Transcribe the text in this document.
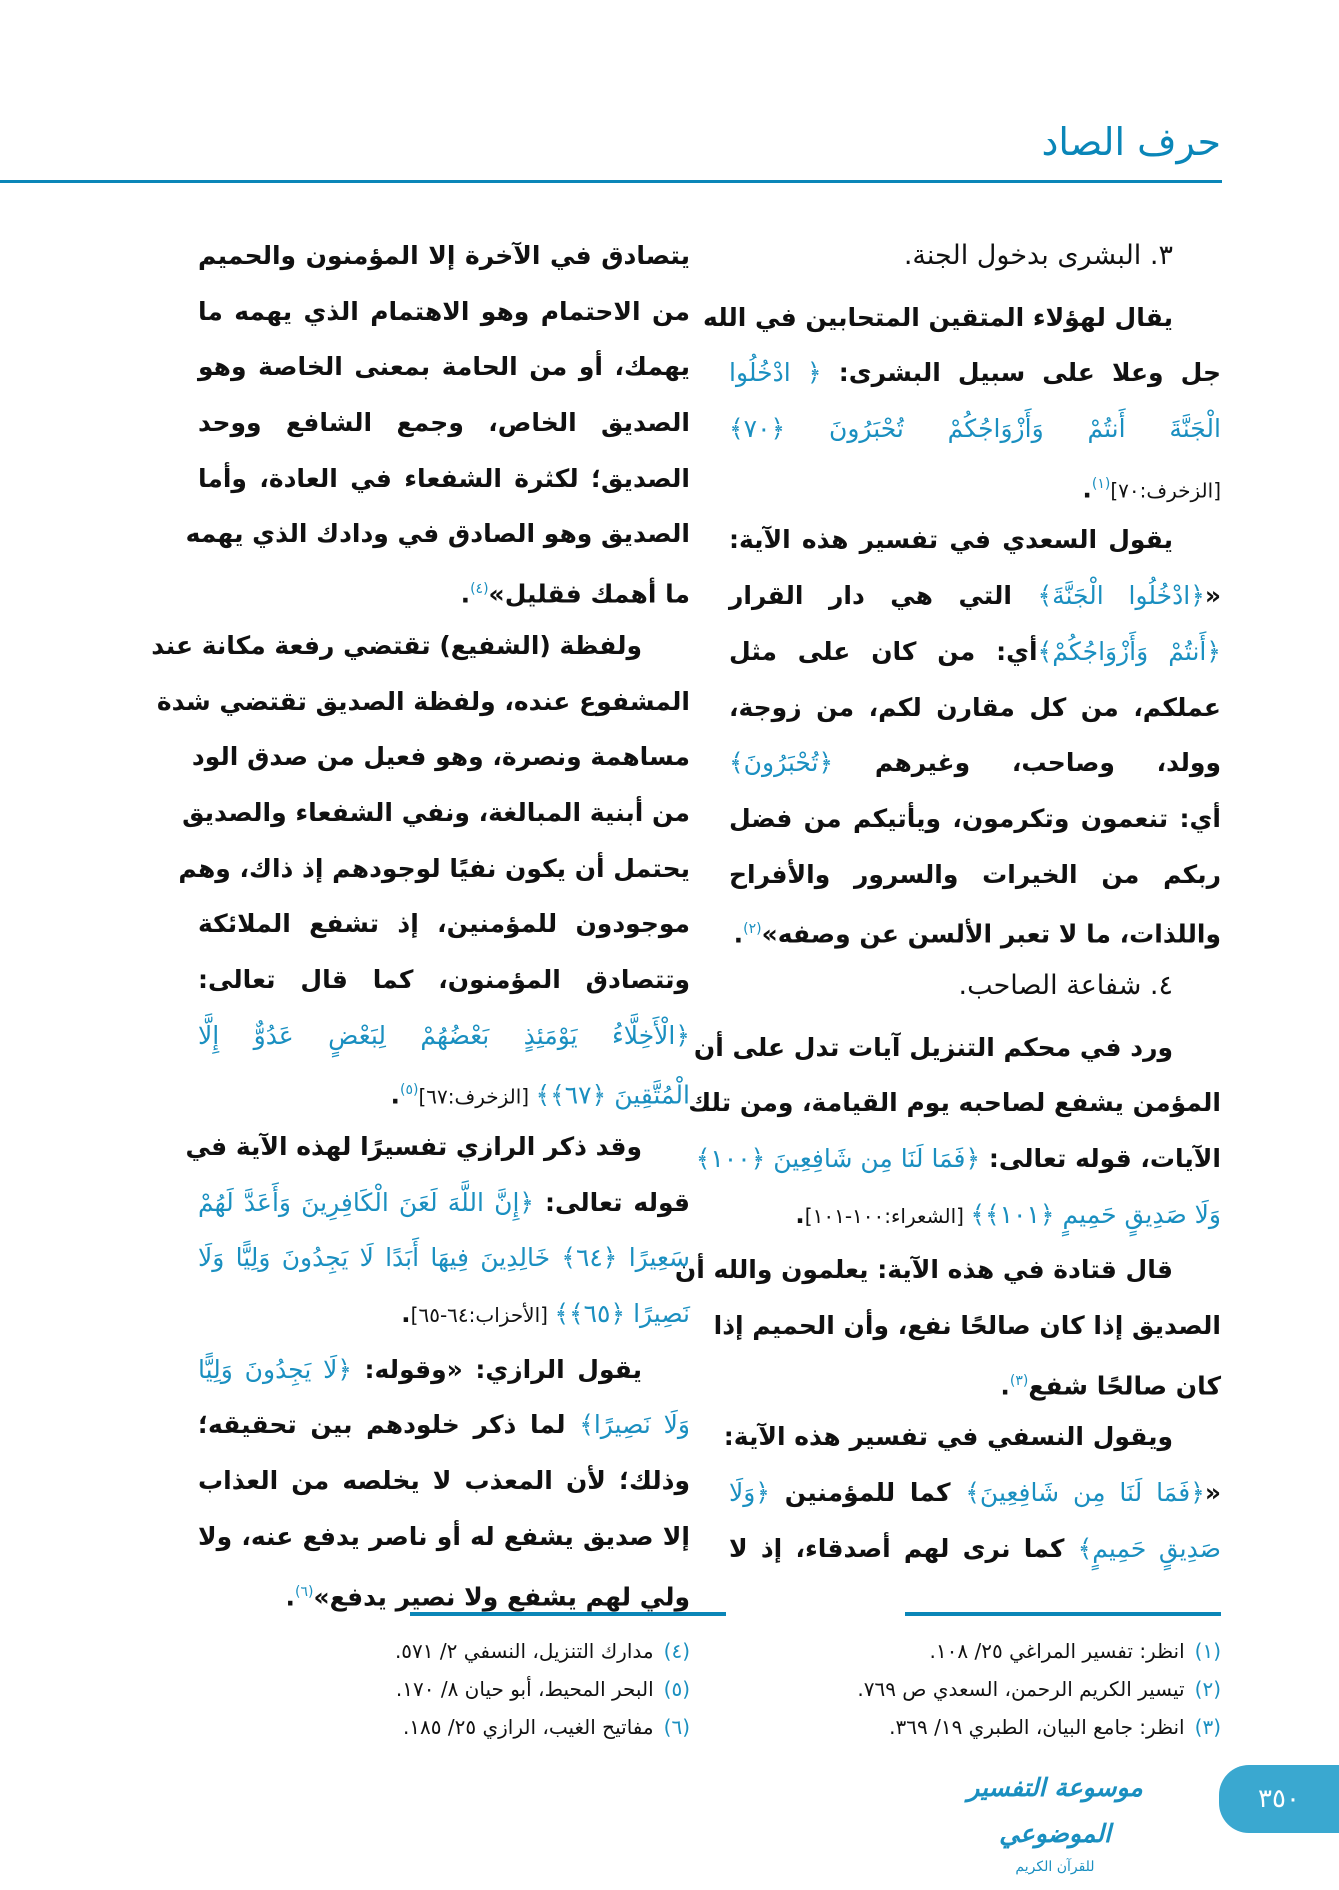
حرف الصاد
٣. البشرى بدخول الجنة.
يقال لهؤلاء المتقين المتحابين في الله
جل وعلا على سبيل البشرى: ﴿ ادْخُلُوا
الْجَنَّةَ أَنتُمْ وَأَزْوَاجُكُمْ تُحْبَرُونَ ﴿٧٠﴾
[الزخرف:٧٠]$^{(١)}$.
يقول السعدي في تفسير هذه الآية:
«﴿ادْخُلُوا الْجَنَّةَ﴾ التي هي دار القرار
﴿أَنتُمْ وَأَزْوَاجُكُمْ﴾أي: من كان على مثل
عملكم، من كل مقارن لكم، من زوجة،
وولد، وصاحب، وغيرهم ﴿تُحْبَرُونَ﴾
أي: تنعمون وتكرمون، ويأتيكم من فضل
ربكم من الخيرات والسرور والأفراح
واللذات، ما لا تعبر الألسن عن وصفه»$^{(٢)}$.
٤. شفاعة الصاحب.
ورد في محكم التنزيل آيات تدل على أن
المؤمن يشفع لصاحبه يوم القيامة، ومن تلك
الآيات، قوله تعالى: ﴿فَمَا لَنَا مِن شَافِعِينَ ﴿١٠٠﴾
وَلَا صَدِيقٍ حَمِيمٍ ﴿١٠١﴾﴾ [الشعراء:١٠٠-١٠١].
قال قتادة في هذه الآية: يعلمون والله أن
الصديق إذا كان صالحًا نفع، وأن الحميم إذا
كان صالحًا شفع$^{(٣)}$.
ويقول النسفي في تفسير هذه الآية:
«﴿فَمَا لَنَا مِن شَافِعِينَ﴾ كما للمؤمنين ﴿وَلَا
صَدِيقٍ حَمِيمٍ﴾ كما نرى لهم أصدقاء، إذ لا
يتصادق في الآخرة إلا المؤمنون والحميم
من الاحتمام وهو الاهتمام الذي يهمه ما
يهمك، أو من الحامة بمعنى الخاصة وهو
الصديق الخاص، وجمع الشافع ووحد
الصديق؛ لكثرة الشفعاء في العادة، وأما
الصديق وهو الصادق في ودادك الذي يهمه
ما أهمك فقليل»$^{(٤)}$.
ولفظة (الشفيع) تقتضي رفعة مكانة عند
المشفوع عنده، ولفظة الصديق تقتضي شدة
مساهمة ونصرة، وهو فعيل من صدق الود
من أبنية المبالغة، ونفي الشفعاء والصديق
يحتمل أن يكون نفيًا لوجودهم إذ ذاك، وهم
موجودون للمؤمنين، إذ تشفع الملائكة
وتتصادق المؤمنون، كما قال تعالى:
﴿الْأَخِلَّاءُ يَوْمَئِذٍ بَعْضُهُمْ لِبَعْضٍ عَدُوٌّ إِلَّا
الْمُتَّقِينَ ﴿٦٧﴾﴾ [الزخرف:٦٧]$^{(٥)}$.
وقد ذكر الرازي تفسيرًا لهذه الآية في
قوله تعالى: ﴿إِنَّ اللَّهَ لَعَنَ الْكَافِرِينَ وَأَعَدَّ لَهُمْ
سَعِيرًا ﴿٦٤﴾ خَالِدِينَ فِيهَا أَبَدًا لَا يَجِدُونَ وَلِيًّا وَلَا
نَصِيرًا ﴿٦٥﴾﴾ [الأحزاب:٦٤-٦٥].
يقول الرازي: «وقوله: ﴿لَا يَجِدُونَ وَلِيًّا
وَلَا نَصِيرًا﴾ لما ذكر خلودهم بين تحقيقه؛
وذلك؛ لأن المعذب لا يخلصه من العذاب
إلا صديق يشفع له أو ناصر يدفع عنه، ولا
ولي لهم يشفع ولا نصير يدفع»$^{(٦)}$.
(١)انظر: تفسير المراغي ٢٥/ ١٠٨.
(٢)تيسير الكريم الرحمن، السعدي ص ٧٦٩.
(٣)انظر: جامع البيان، الطبري ١٩/ ٣٦٩.
(٤)مدارك التنزيل، النسفي ٢/ ٥٧١.
(٥)البحر المحيط، أبو حيان ٨/ ١٧٠.
(٦)مفاتيح الغيب، الرازي ٢٥/ ١٨٥.
موسوعة التفسير الموضوعي
للقرآن الكريم
٣٥٠
